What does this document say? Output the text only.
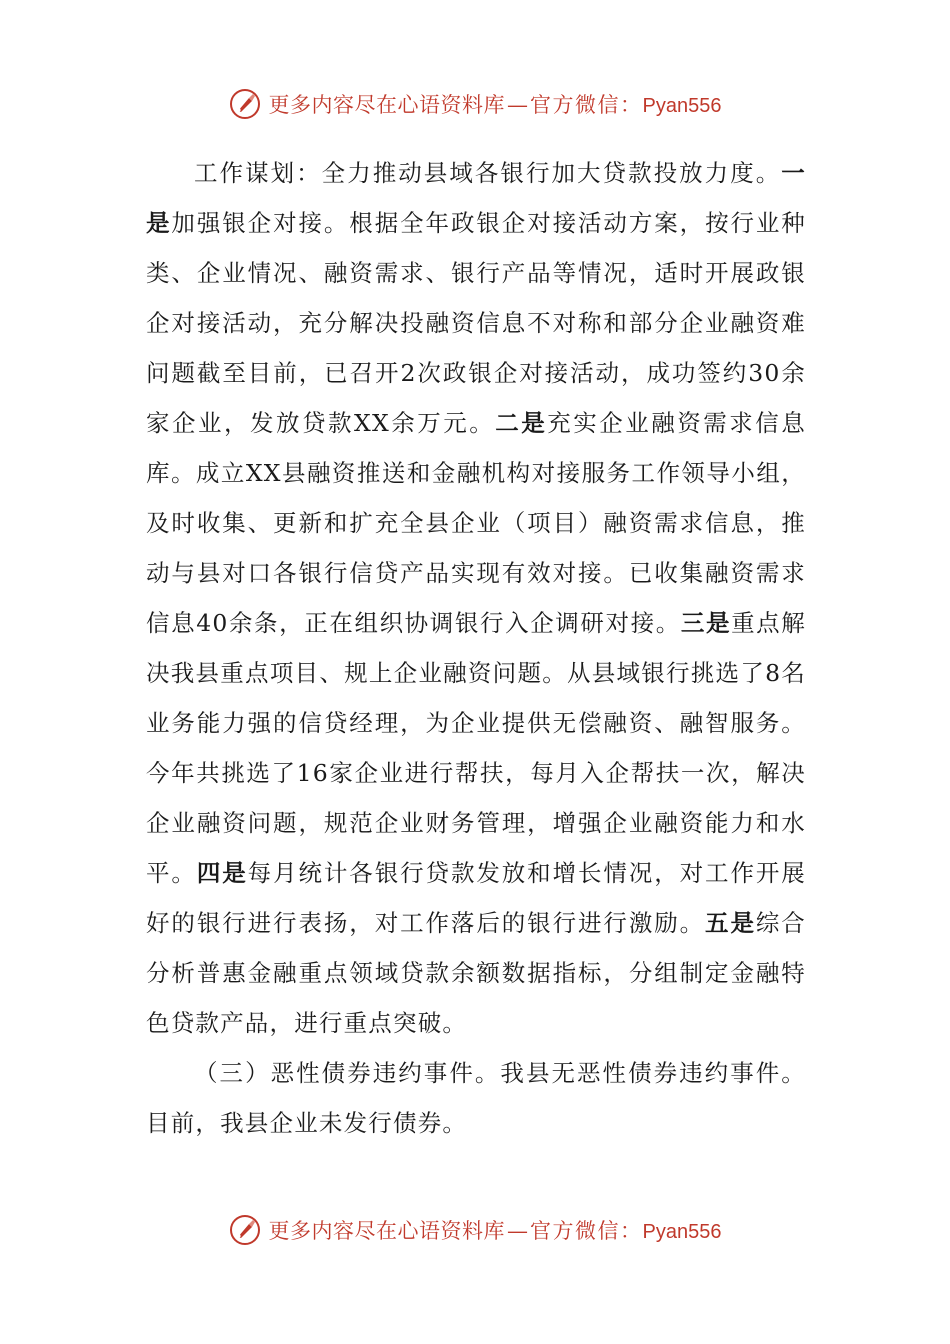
更多内容尽在心语资料库 — 官方微信： Pyan556

工作谋划：全力推动县域各银行加大贷款投放力度。一是加强银企对接。根据全年政银企对接活动方案，按行业种类、企业情况、融资需求、银行产品等情况，适时开展政银企对接活动，充分解决投融资信息不对称和部分企业融资难问题截至目前，已召开2次政银企对接活动，成功签约30余家企业，发放贷款XX余万元。二是充实企业融资需求信息库。成立XX县融资推送和金融机构对接服务工作领导小组，及时收集、更新和扩充全县企业（项目）融资需求信息，推动与县对口各银行信贷产品实现有效对接。已收集融资需求信息40余条，正在组织协调银行入企调研对接。三是重点解决我县重点项目、规上企业融资问题。从县域银行挑选了8名业务能力强的信贷经理，为企业提供无偿融资、融智服务。今年共挑选了16家企业进行帮扶，每月入企帮扶一次，解决企业融资问题，规范企业财务管理，增强企业融资能力和水平。四是每月统计各银行贷款发放和增长情况，对工作开展好的银行进行表扬，对工作落后的银行进行激励。五是综合分析普惠金融重点领域贷款余额数据指标，分组制定金融特色贷款产品，进行重点突破。

（三）恶性债券违约事件。我县无恶性债券违约事件。目前，我县企业未发行债券。

更多内容尽在心语资料库 — 官方微信： Pyan556
